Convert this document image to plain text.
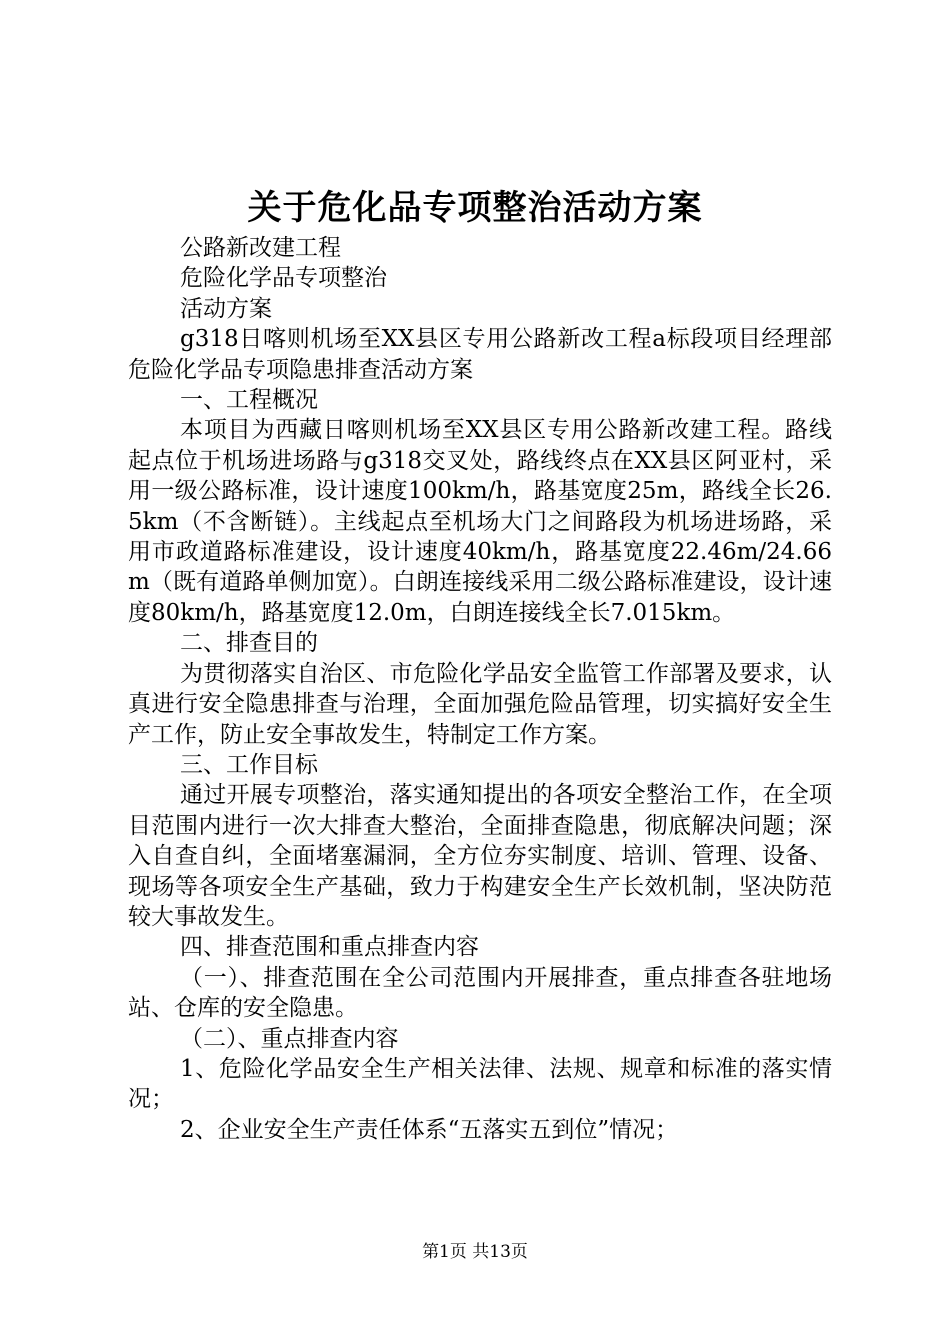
关于危化品专项整治活动方案

公路新改建工程

危险化学品专项整治

活动方案

g318日喀则机场至XX县区专用公路新改工程a标段项目经理部危险化学品专项隐患排查活动方案

一、工程概况

本项目为西藏日喀则机场至XX县区专用公路新改建工程。路线起点位于机场进场路与g318交叉处，路线终点在XX县区阿亚村，采用一级公路标准，设计速度100km/h，路基宽度25m，路线全长26.5km（不含断链）。主线起点至机场大门之间路段为机场进场路，采用市政道路标准建设，设计速度40km/h，路基宽度22.46m/24.66m（既有道路单侧加宽）。白朗连接线采用二级公路标准建设，设计速度80km/h，路基宽度12.0m，白朗连接线全长7.015km。

二、排查目的

为贯彻落实自治区、市危险化学品安全监管工作部署及要求，认真进行安全隐患排查与治理，全面加强危险品管理，切实搞好安全生产工作，防止安全事故发生，特制定工作方案。

三、工作目标

通过开展专项整治，落实通知提出的各项安全整治工作，在全项目范围内进行一次大排查大整治，全面排查隐患，彻底解决问题；深入自查自纠，全面堵塞漏洞，全方位夯实制度、培训、管理、设备、现场等各项安全生产基础，致力于构建安全生产长效机制，坚决防范较大事故发生。

四、排查范围和重点排查内容

（一）、排查范围在全公司范围内开展排查，重点排查各驻地场站、仓库的安全隐患。

（二）、重点排查内容

1、危险化学品安全生产相关法律、法规、规章和标准的落实情况；

2、企业安全生产责任体系“五落实五到位”情况；

第1页 共13页
